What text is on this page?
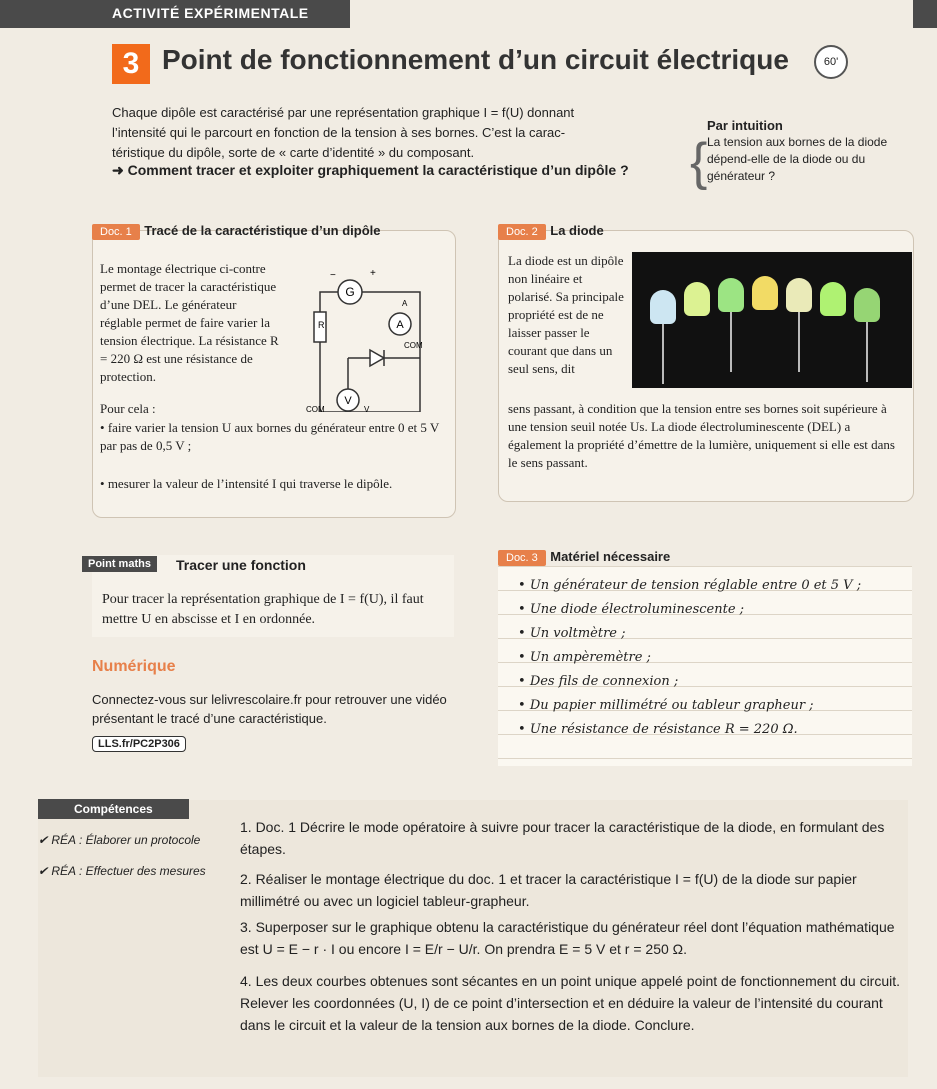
ACTIVITÉ EXPÉRIMENTALE
3 Point de fonctionnement d’un circuit électrique	60'
Chaque dipôle est caractérisé par une représentation graphique I = f(U) donnant
l’intensité qui le parcourt en fonction de la tension à ses bornes. C’est la carac-
téristique du dipôle, sorte de « carte d’identité » du composant.
➜ Comment tracer et exploiter graphiquement la caractéristique d’un dipôle ? {
Par intuition
La tension aux bornes de la diode dépend-elle de la diode ou du générateur ?
Doc. 1 Tracé de la caractéristique d’un dipôle
Le montage électrique ci-contre permet de tracer la caractéristique d’une DEL. Le générateur réglable permet de faire varier la tension électrique. La résistance R = 220 Ω est une résistance de protection.
Pour cela :
• faire varier la tension U aux bornes du générateur entre 0 et 5 V par pas de 0,5 V ;
• mesurer la valeur de l’intensité I qui traverse le dipôle.
G
+
−
R	A
A
COM
V
COM	V
Doc. 2 La diode
La diode est un dipôle non linéaire et polarisé. Sa principale propriété est de ne laisser passer le courant que dans un seul sens, dit
sens passant, à condition que la tension entre ses bornes soit supérieure à une tension seuil notée Us. La diode électroluminescente (DEL) a également la propriété d’émettre de la lumière, uniquement si elle est dans le sens passant.
Point maths	Tracer une fonction
Pour tracer la représentation graphique de I = f(U), il faut mettre U en abscisse et I en ordonnée.
Doc. 3 Matériel nécessaire
• Un générateur de tension réglable entre 0 et 5 V ;
• Une diode électroluminescente ;
• Un voltmètre ;
• Un ampèremètre ;
• Des fils de connexion ;
• Du papier millimétré ou tableur grapheur ;
• Une résistance de résistance R = 220 Ω.
Numérique
Connectez-vous sur lelivrescolaire.fr pour retrouver une vidéo présentant le tracé d’une caractéristique.
LLS.fr/PC2P306
Compétences
✔ RÉA : Élaborer un protocole
✔ RÉA : Effectuer des mesures
1. Doc. 1 Décrire le mode opératoire à suivre pour tracer la caractéristique de la diode, en formulant des étapes.
2. Réaliser le montage électrique du doc. 1 et tracer la caractéristique I = f(U) de la diode sur papier millimétré ou avec un logiciel tableur-grapheur.
3. Superposer sur le graphique obtenu la caractéristique du générateur réel dont l’équation mathématique est U = E − r · I ou encore I = E/r − U/r. On prendra E = 5 V et r = 250 Ω.
4. Les deux courbes obtenues sont sécantes en un point unique appelé point de fonctionnement du circuit. Relever les coordonnées (U, I) de ce point d’intersection et en déduire la valeur de l’intensité du courant dans le circuit et la valeur de la tension aux bornes de la diode. Conclure.
